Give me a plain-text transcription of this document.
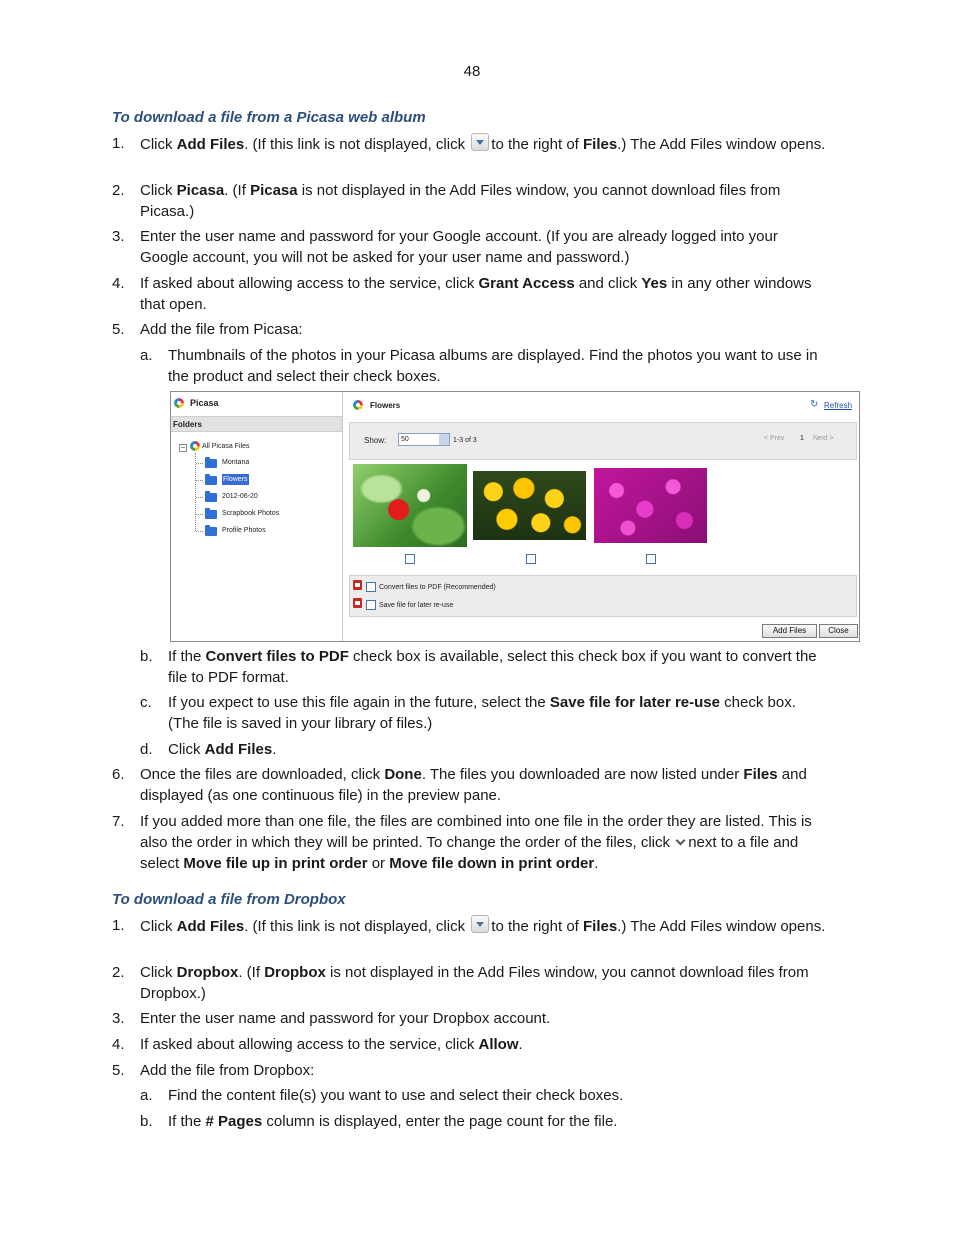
48
To download a file from a Picasa web album
1. Click Add Files. (If this link is not displayed, click to the right of Files.) The Add Files window opens.
2. Click Picasa. (If Picasa is not displayed in the Add Files window, you cannot download files from Picasa.)
3. Enter the user name and password for your Google account. (If you are already logged into your Google account, you will not be asked for your user name and password.)
4. If asked about allowing access to the service, click Grant Access and click Yes in any other windows that open.
5. Add the file from Picasa:
a. Thumbnails of the photos in your Picasa albums are displayed. Find the photos you want to use in the product and select their check boxes.
Picasa
Folders
– All Picasa Files
Montana
Flowers
2012-06-20
Scrapbook Photos
Profile Photos
Flowers	↻ Refresh
Show: 50	1-3 of 3	< Prev 1 Next >
Convert files to PDF (Recommended)
Save file for later re-use
Add Files	Close
b. If the Convert files to PDF check box is available, select this check box if you want to convert the file to PDF format.
c. If you expect to use this file again in the future, select the Save file for later re-use check box. (The file is saved in your library of files.)
d. Click Add Files.
6. Once the files are downloaded, click Done. The files you downloaded are now listed under Files and displayed (as one continuous file) in the preview pane.
7. If you added more than one file, the files are combined into one file in the order they are listed. This is also the order in which they will be printed. To change the order of the files, click next to a file and select Move file up in print order or Move file down in print order.
To download a file from Dropbox
1. Click Add Files. (If this link is not displayed, click to the right of Files.) The Add Files window opens.
2. Click Dropbox. (If Dropbox is not displayed in the Add Files window, you cannot download files from Dropbox.)
3. Enter the user name and password for your Dropbox account.
4. If asked about allowing access to the service, click Allow.
5. Add the file from Dropbox:
a. Find the content file(s) you want to use and select their check boxes.
b. If the # Pages column is displayed, enter the page count for the file.
